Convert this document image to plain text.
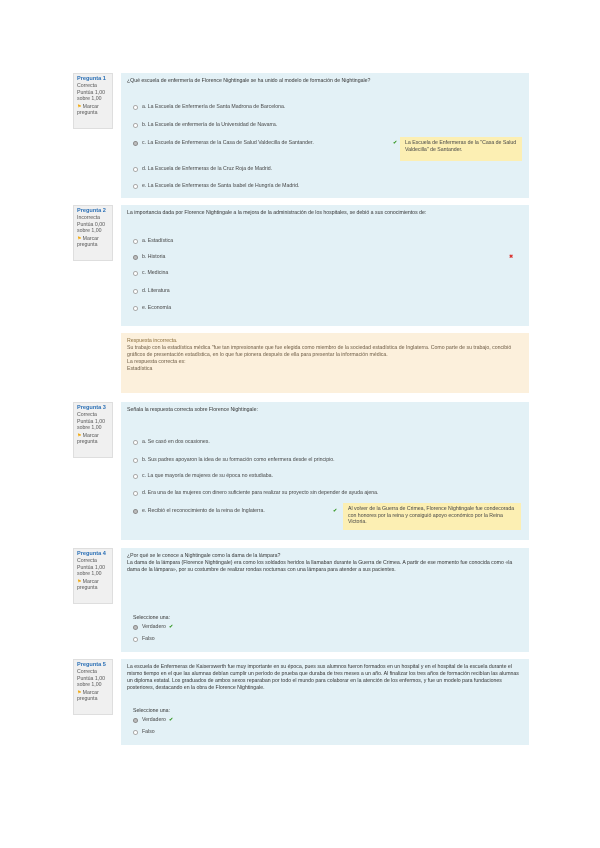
Pregunta 1
Correcta
Puntúa 1,00 sobre 1,00
⚑Marcar pregunta
¿Qué escuela de enfermería de Florence Nightingale se ha unido al modelo de formación de Nightingale?
a. La Escuela de Enfermería de Santa Madrona de Barcelona.
b. La Escuela de enfermería de la Universidad de Navarra.
c. La Escuela de Enfermeras de la Casa de Salud Valdecilla de Santander.	✔	La Escuela de Enfermeras de la "Casa de Salud Valdecilla" de Santander.
d. La Escuela de Enfermeras de la Cruz Roja de Madrid.
e. La Escuela de Enfermeras de Santa Isabel de Hungría de Madrid.
Pregunta 2
Incorrecta
Puntúa 0,00 sobre 1,00
⚑Marcar pregunta
La importancia dada por Florence Nightingale a la mejora de la administración de los hospitales, se debió a sus conocimientos de:
a. Estadística
b. Historia	✖
c. Medicina
d. Literatura
e. Economía
Respuesta incorrecta.
Su trabajo con la estadística médica "fue tan impresionante que fue elegida como miembro de la sociedad estadística de Inglaterra. Como parte de su trabajo, concibió gráficos de presentación estadística, en lo que fue pionera después de ella para presentar la información médica.
La respuesta correcta es:
Estadística
Pregunta 3
Correcta
Puntúa 1,00 sobre 1,00
⚑Marcar pregunta
Señala la respuesta correcta sobre Florence Nightingale:
a. Se casó en dos ocasiones.
b. Sus padres apoyaron la idea de su formación como enfermera desde el principio.
c. La que mayoría de mujeres de su época no estudiaba.
d. Era una de las mujeres con dinero suficiente para realizar su proyecto sin depender de ayuda ajena.
e. Recibió el reconocimiento de la reina de Inglaterra.	✔	Al volver de la Guerra de Crimea, Florence Nightingale fue condecorada con honores por la reina y consiguió apoyo económico por la Reina Victoria.
Pregunta 4
Correcta
Puntúa 1,00 sobre 1,00
⚑Marcar pregunta
¿Por qué se le conoce a Nightingale como la dama de la lámpara?
La dama de la lámpara (Florence Nightingale) era como los soldados heridos la llamaban durante la Guerra de Crimea. A partir de ese momento fue conocida como «la dama de la lámpara», por su costumbre de realizar rondas nocturnas con una lámpara para atender a sus pacientes.
Seleccione una:
Verdadero ✔
Falso
Pregunta 5
Correcta
Puntúa 1,00 sobre 1,00
⚑Marcar pregunta
La escuela de Enfermeras de Kaiserswerth fue muy importante en su época, pues sus alumnos fueron formados en un hospital y en el hospital de la escuela durante el mismo tiempo en el que las alumnas debían cumplir un período de prueba que duraba de tres meses a un año. Al finalizar los tres años de formación recibían las alumnas un diploma estatal. Los graduados de ambos sexos reparaban por todo el mundo para colaborar en la atención de los enfermos, y fue un modelo para fundaciones posteriores, destacando en la obra de Florence Nightingale.
Seleccione una:
Verdadero ✔
Falso
